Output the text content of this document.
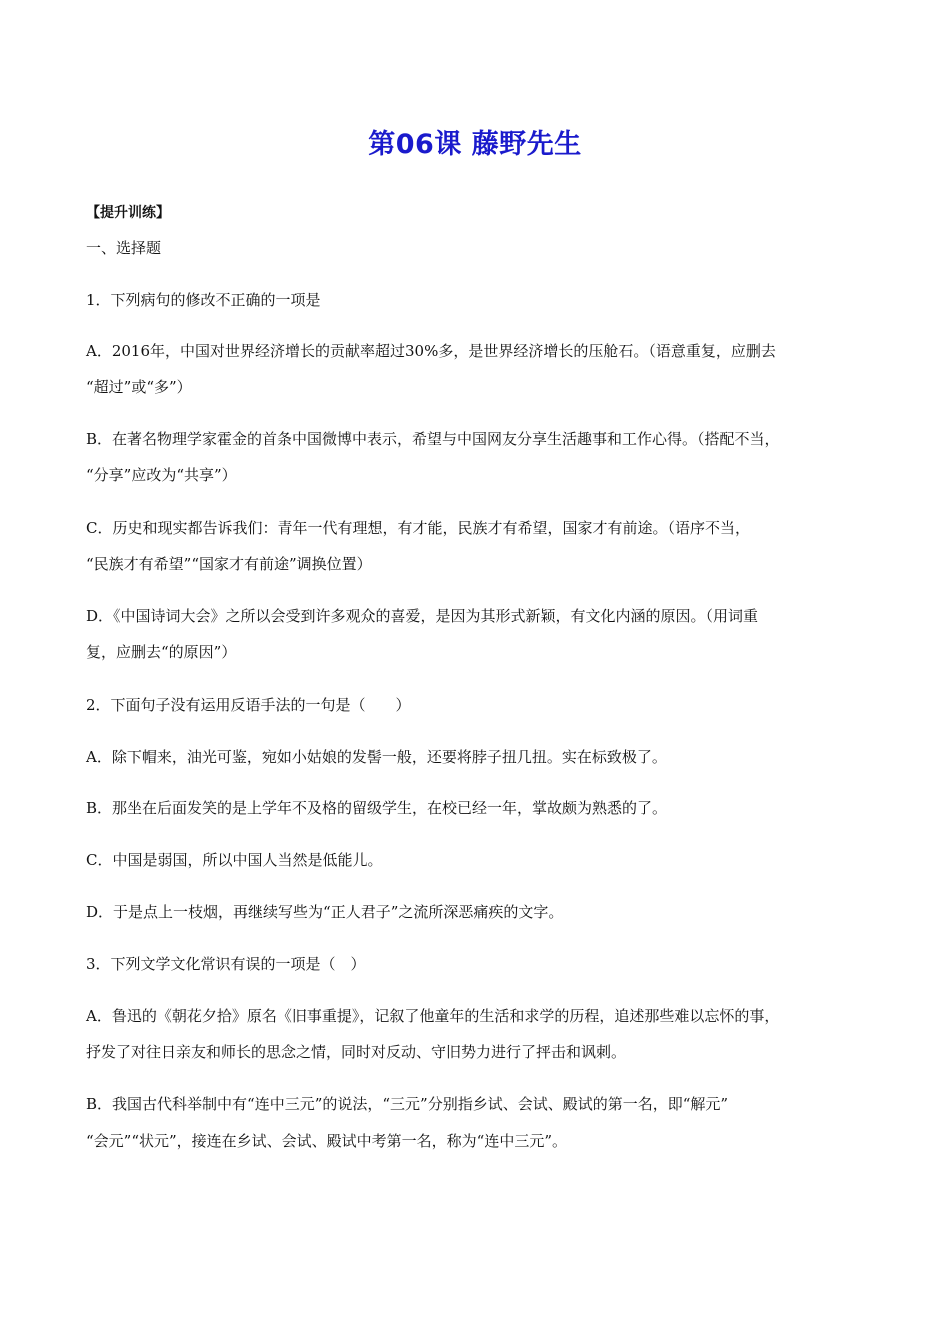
第06课 藤野先生
【提升训练】
一、选择题
1．下列病句的修改不正确的一项是
A．2016年，中国对世界经济增长的贡献率超过30%多，是世界经济增长的压舱石。（语意重复，应删去
“超过”或“多”）
B．在著名物理学家霍金的首条中国微博中表示，希望与中国网友分享生活趣事和工作心得。（搭配不当，
“分享”应改为“共享”）
C．历史和现实都告诉我们：青年一代有理想，有才能，民族才有希望，国家才有前途。（语序不当，
“民族才有希望”“国家才有前途”调换位置）
D．《中国诗词大会》之所以会受到许多观众的喜爱，是因为其形式新颖，有文化内涵的原因。（用词重
复，应删去“的原因”）
2．下面句子没有运用反语手法的一句是（　　）
A．除下帽来，油光可鉴，宛如小姑娘的发髻一般，还要将脖子扭几扭。实在标致极了。
B．那坐在后面发笑的是上学年不及格的留级学生，在校已经一年，掌故颇为熟悉的了。
C．中国是弱国，所以中国人当然是低能儿。
D．于是点上一枝烟，再继续写些为“正人君子”之流所深恶痛疾的文字。
3．下列文学文化常识有误的一项是（　）
A．鲁迅的《朝花夕拾》原名《旧事重提》，记叙了他童年的生活和求学的历程，追述那些难以忘怀的事，
抒发了对往日亲友和师长的思念之情，同时对反动、守旧势力进行了抨击和讽刺。
B．我国古代科举制中有“连中三元”的说法，“三元”分别指乡试、会试、殿试的第一名，即“解元”
“会元”“状元”，接连在乡试、会试、殿试中考第一名，称为“连中三元”。
